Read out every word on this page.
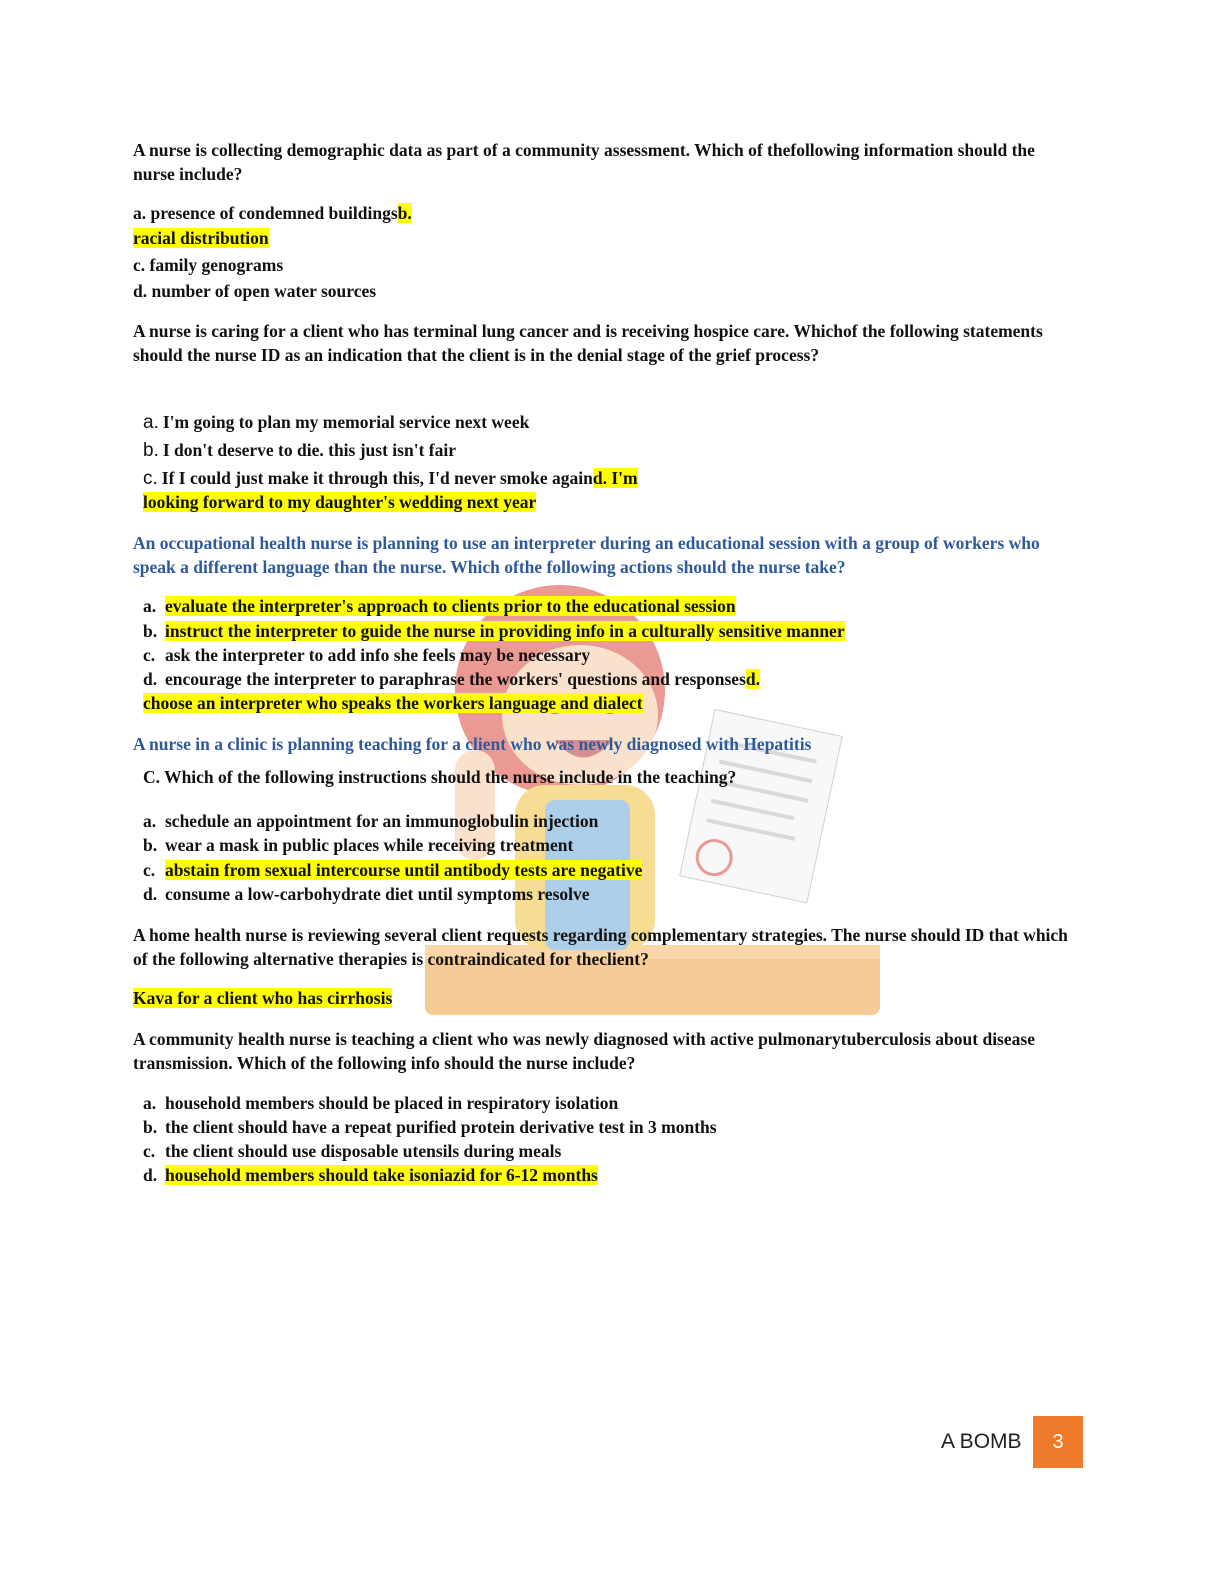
A nurse is collecting demographic data as part of a community assessment. Which of thefollowing information should the nurse include?
a. presence of condemned buildingsb.
racial distribution
c. family genograms
d. number of open water sources
A nurse is caring for a client who has terminal lung cancer and is receiving hospice care. Whichof the following statements should the nurse ID as an indication that the client is in the denial stage of the grief process?
a. I'm going to plan my memorial service next week
b. I don't deserve to die. this just isn't fair
c. If I could just make it through this, I'd never smoke againd. I'm
looking forward to my daughter's wedding next year
An occupational health nurse is planning to use an interpreter during an educational session with a group of workers who speak a different language than the nurse. Which ofthe following actions should the nurse take?
a. evaluate the interpreter's approach to clients prior to the educational session
b. instruct the interpreter to guide the nurse in providing info in a culturally sensitive manner
c. ask the interpreter to add info she feels may be necessary
d. encourage the interpreter to paraphrase the workers' questions and responsesd.
choose an interpreter who speaks the workers language and dialect
A nurse in a clinic is planning teaching for a client who was newly diagnosed with Hepatitis
C. Which of the following instructions should the nurse include in the teaching?
a. schedule an appointment for an immunoglobulin injection
b. wear a mask in public places while receiving treatment
c. abstain from sexual intercourse until antibody tests are negative
d. consume a low-carbohydrate diet until symptoms resolve
A home health nurse is reviewing several client requests regarding complementary strategies. The nurse should ID that which of the following alternative therapies is contraindicated for theclient?
Kava for a client who has cirrhosis
A community health nurse is teaching a client who was newly diagnosed with active pulmonarytuberculosis about disease transmission. Which of the following info should the nurse include?
a. household members should be placed in respiratory isolation
b. the client should have a repeat purified protein derivative test in 3 months
c. the client should use disposable utensils during meals
d. household members should take isoniazid for 6-12 months
A BOMB	3
